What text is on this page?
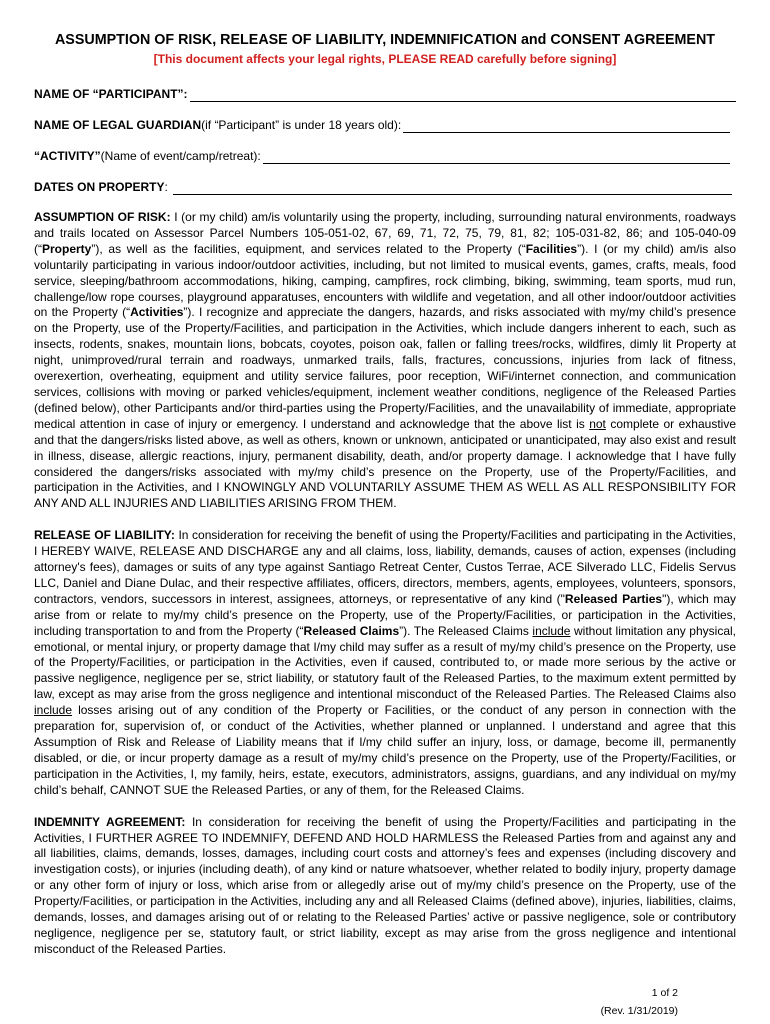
ASSUMPTION OF RISK, RELEASE OF LIABILITY, INDEMNIFICATION and CONSENT AGREEMENT
[This document affects your legal rights, PLEASE READ carefully before signing]
NAME OF “PARTICIPANT”:
NAME OF LEGAL GUARDIAN (if “Participant” is under 18 years old):
“ACTIVITY” (Name of event/camp/retreat):
DATES ON PROPERTY :

ASSUMPTION OF RISK: I (or my child) am/is voluntarily using the property, including, surrounding natural environments, roadways and trails located on Assessor Parcel Numbers 105-051-02, 67, 69, 71, 72, 75, 79, 81, 82; 105-031-82, 86; and 105-040-09 (“Property”), as well as the facilities, equipment, and services related to the Property (“Facilities”). I (or my child) am/is also voluntarily participating in various indoor/outdoor activities, including, but not limited to musical events, games, crafts, meals, food service, sleeping/bathroom accommodations, hiking, camping, campfires, rock climbing, biking, swimming, team sports, mud run, challenge/low rope courses, playground apparatuses, encounters with wildlife and vegetation, and all other indoor/outdoor activities on the Property (“Activities”). I recognize and appreciate the dangers, hazards, and risks associated with my/my child’s presence on the Property, use of the Property/Facilities, and participation in the Activities, which include dangers inherent to each, such as insects, rodents, snakes, mountain lions, bobcats, coyotes, poison oak, fallen or falling trees/rocks, wildfires, dimly lit Property at night, unimproved/rural terrain and roadways, unmarked trails, falls, fractures, concussions, injuries from lack of fitness, overexertion, overheating, equipment and utility service failures, poor reception, WiFi/internet connection, and communication services, collisions with moving or parked vehicles/equipment, inclement weather conditions, negligence of the Released Parties (defined below), other Participants and/or third-parties using the Property/Facilities, and the unavailability of immediate, appropriate medical attention in case of injury or emergency. I understand and acknowledge that the above list is not complete or exhaustive and that the dangers/risks listed above, as well as others, known or unknown, anticipated or unanticipated, may also exist and result in illness, disease, allergic reactions, injury, permanent disability, death, and/or property damage. I acknowledge that I have fully considered the dangers/risks associated with my/my child’s presence on the Property, use of the Property/Facilities, and participation in the Activities, and I KNOWINGLY AND VOLUNTARILY ASSUME THEM AS WELL AS ALL RESPONSIBILITY FOR ANY AND ALL INJURIES AND LIABILITIES ARISING FROM THEM.

RELEASE OF LIABILITY: In consideration for receiving the benefit of using the Property/Facilities and participating in the Activities, I HEREBY WAIVE, RELEASE AND DISCHARGE any and all claims, loss, liability, demands, causes of action, expenses (including attorney's fees), damages or suits of any type against Santiago Retreat Center, Custos Terrae, ACE Silverado LLC, Fidelis Servus LLC, Daniel and Diane Dulac, and their respective affiliates, officers, directors, members, agents, employees, volunteers, sponsors, contractors, vendors, successors in interest, assignees, attorneys, or representative of any kind ("Released Parties"), which may arise from or relate to my/my child’s presence on the Property, use of the Property/Facilities, or participation in the Activities, including transportation to and from the Property (“Released Claims”). The Released Claims include without limitation any physical, emotional, or mental injury, or property damage that I/my child may suffer as a result of my/my child’s presence on the Property, use of the Property/Facilities, or participation in the Activities, even if caused, contributed to, or made more serious by the active or passive negligence, negligence per se, strict liability, or statutory fault of the Released Parties, to the maximum extent permitted by law, except as may arise from the gross negligence and intentional misconduct of the Released Parties. The Released Claims also include losses arising out of any condition of the Property or Facilities, or the conduct of any person in connection with the preparation for, supervision of, or conduct of the Activities, whether planned or unplanned. I understand and agree that this Assumption of Risk and Release of Liability means that if I/my child suffer an injury, loss, or damage, become ill, permanently disabled, or die, or incur property damage as a result of my/my child’s presence on the Property, use of the Property/Facilities, or participation in the Activities, I, my family, heirs, estate, executors, administrators, assigns, guardians, and any individual on my/my child’s behalf, CANNOT SUE the Released Parties, or any of them, for the Released Claims.

INDEMNITY AGREEMENT: In consideration for receiving the benefit of using the Property/Facilities and participating in the Activities, I FURTHER AGREE TO INDEMNIFY, DEFEND AND HOLD HARMLESS the Released Parties from and against any and all liabilities, claims, demands, losses, damages, including court costs and attorney’s fees and expenses (including discovery and investigation costs), or injuries (including death), of any kind or nature whatsoever, whether related to bodily injury, property damage or any other form of injury or loss, which arise from or allegedly arise out of my/my child’s presence on the Property, use of the Property/Facilities, or participation in the Activities, including any and all Released Claims (defined above), injuries, liabilities, claims, demands, losses, and damages arising out of or relating to the Released Parties’ active or passive negligence, sole or contributory negligence, negligence per se, statutory fault, or strict liability, except as may arise from the gross negligence and intentional misconduct of the Released Parties.

1 of 2
(Rev. 1/31/2019)
